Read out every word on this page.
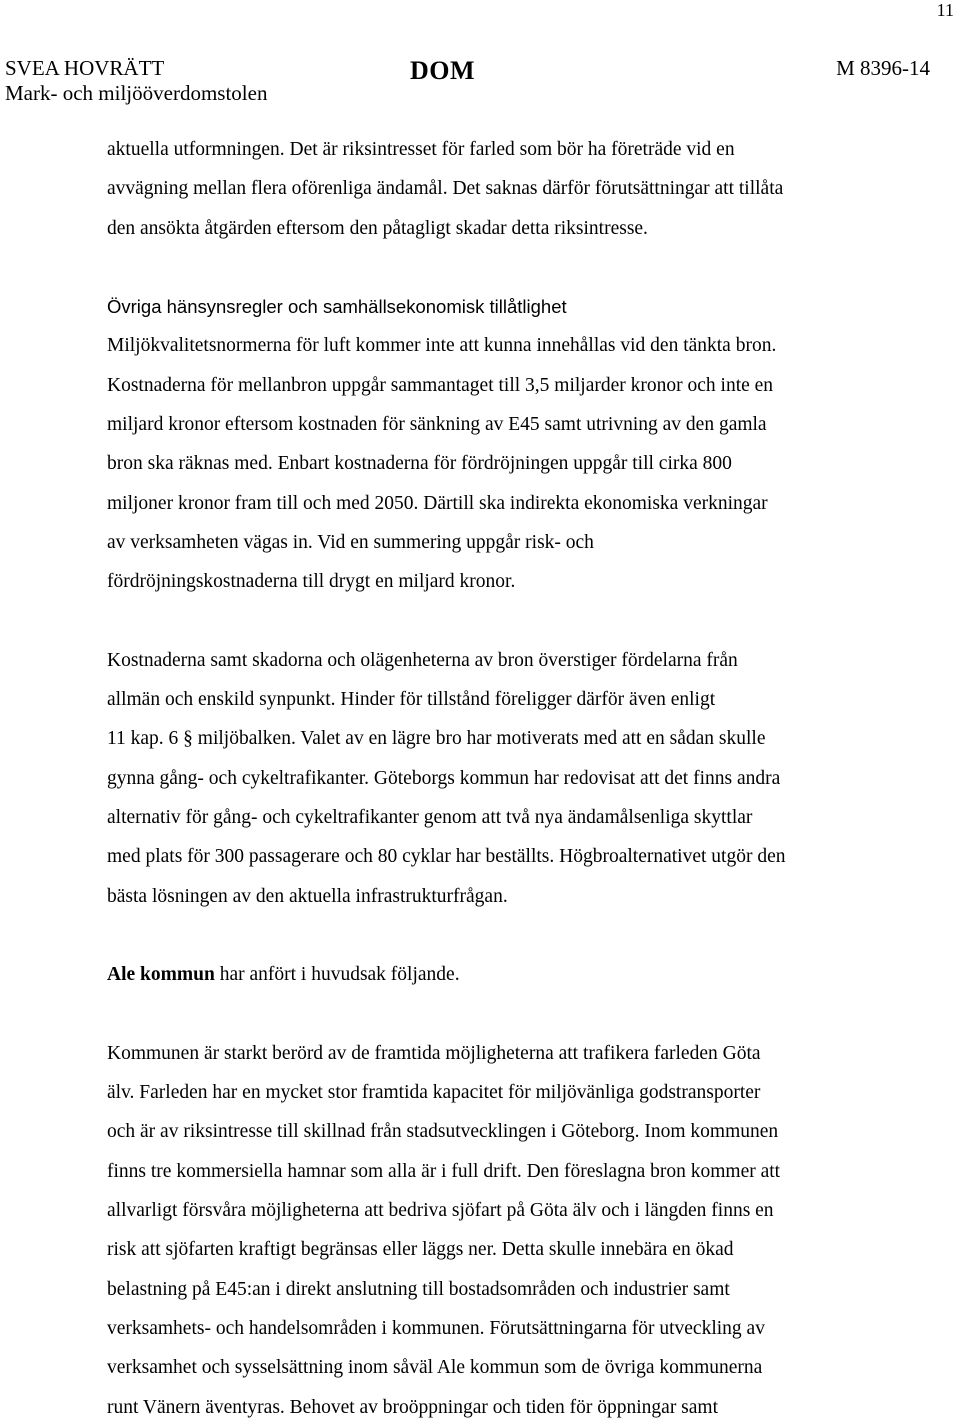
11
SVEA HOVRÄTT
Mark- och miljööverdomstolen
DOM	M 8396-14
aktuella utformningen. Det är riksintresset för farled som bör ha företräde vid en
avvägning mellan flera oförenliga ändamål. Det saknas därför förutsättningar att tillåta
den ansökta åtgärden eftersom den påtagligt skadar detta riksintresse.
Övriga hänsynsregler och samhällsekonomisk tillåtlighet
Miljökvalitetsnormerna för luft kommer inte att kunna innehållas vid den tänkta bron.
Kostnaderna för mellanbron uppgår sammantaget till 3,5 miljarder kronor och inte en
miljard kronor eftersom kostnaden för sänkning av E45 samt utrivning av den gamla
bron ska räknas med. Enbart kostnaderna för fördröjningen uppgår till cirka 800
miljoner kronor fram till och med 2050. Därtill ska indirekta ekonomiska verkningar
av verksamheten vägas in. Vid en summering uppgår risk- och
fördröjningskostnaderna till drygt en miljard kronor.
Kostnaderna samt skadorna och olägenheterna av bron överstiger fördelarna från
allmän och enskild synpunkt. Hinder för tillstånd föreligger därför även enligt
11 kap. 6 § miljöbalken. Valet av en lägre bro har motiverats med att en sådan skulle
gynna gång- och cykeltrafikanter. Göteborgs kommun har redovisat att det finns andra
alternativ för gång- och cykeltrafikanter genom att två nya ändamålsenliga skyttlar
med plats för 300 passagerare och 80 cyklar har beställts. Högbroalternativet utgör den
bästa lösningen av den aktuella infrastrukturfrågan.
Ale kommun har anfört i huvudsak följande.
Kommunen är starkt berörd av de framtida möjligheterna att trafikera farleden Göta
älv. Farleden har en mycket stor framtida kapacitet för miljövänliga godstransporter
och är av riksintresse till skillnad från stadsutvecklingen i Göteborg. Inom kommunen
finns tre kommersiella hamnar som alla är i full drift. Den föreslagna bron kommer att
allvarligt försvåra möjligheterna att bedriva sjöfart på Göta älv och i längden finns en
risk att sjöfarten kraftigt begränsas eller läggs ner. Detta skulle innebära en ökad
belastning på E45:an i direkt anslutning till bostadsområden och industrier samt
verksamhets- och handelsområden i kommunen. Förutsättningarna för utveckling av
verksamhet och sysselsättning inom såväl Ale kommun som de övriga kommunerna
runt Vänern äventyras. Behovet av broöppningar och tiden för öppningar samt
